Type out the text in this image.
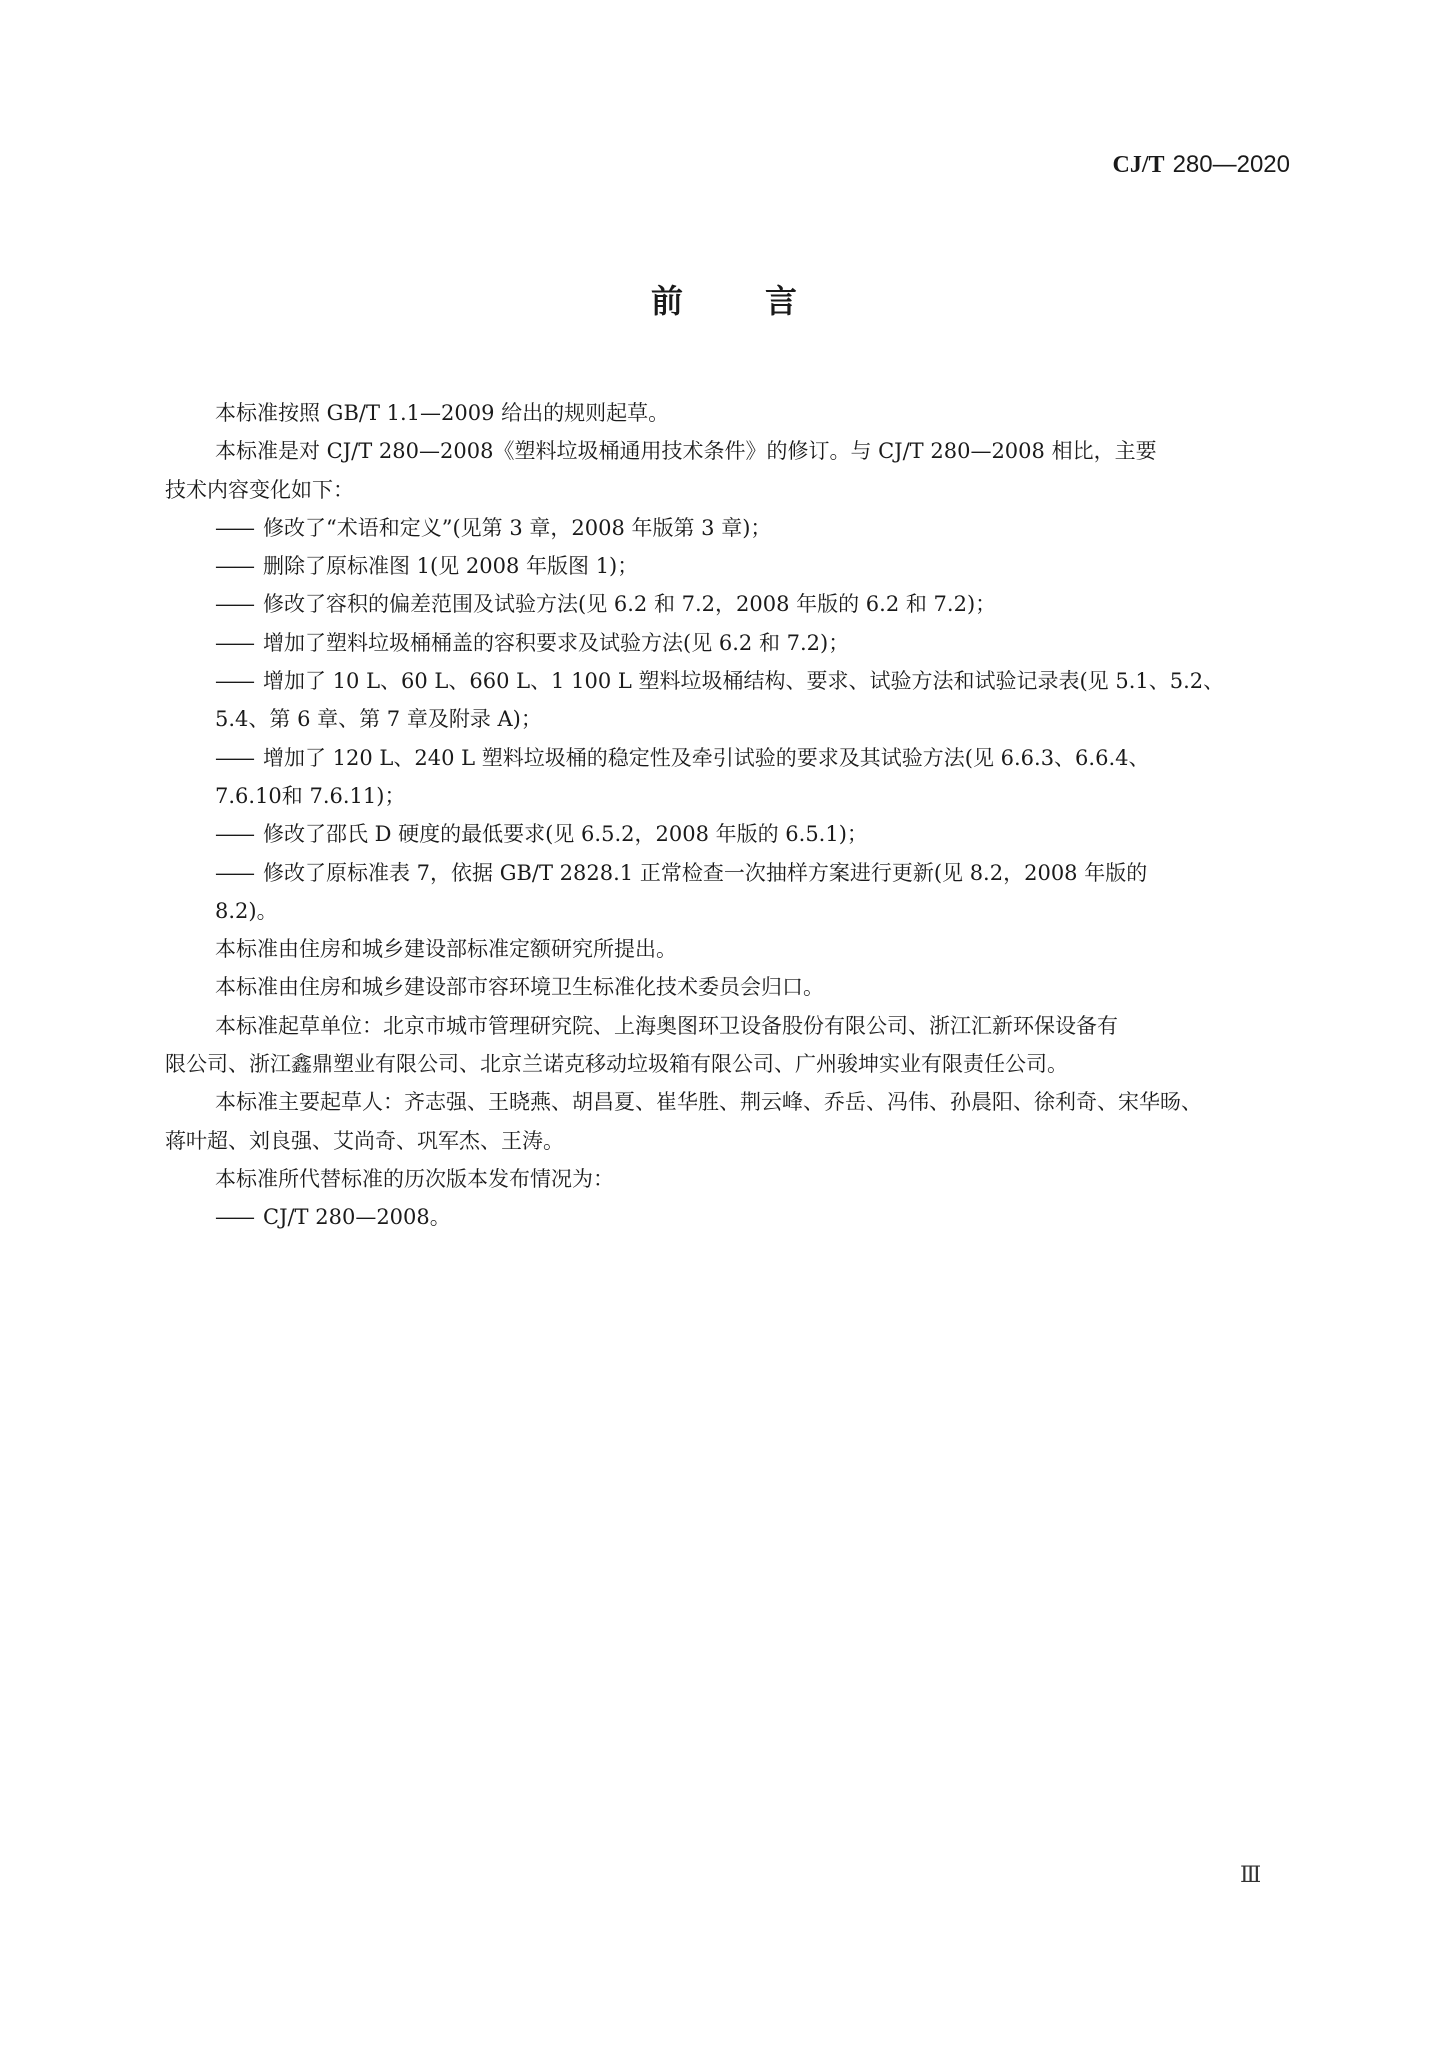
CJ/T 280—2020
前	言

本标准按照 GB/T 1.1—2009 给出的规则起草。

本标准是对 CJ/T 280—2008《塑料垃圾桶通用技术条件》的修订。与 CJ/T 280—2008 相比，主要

技术内容变化如下：

—— 修改了“术语和定义”(见第 3 章，2008 年版第 3 章)；
—— 删除了原标准图 1(见 2008 年版图 1)；
—— 修改了容积的偏差范围及试验方法(见 6.2 和 7.2，2008 年版的 6.2 和 7.2)；
—— 增加了塑料垃圾桶桶盖的容积要求及试验方法(见 6.2 和 7.2)；
—— 增加了 10 L、60 L、660 L、1 100 L 塑料垃圾桶结构、要求、试验方法和试验记录表(见 5.1、5.2、
5.4、第 6 章、第 7 章及附录 A)；
—— 增加了 120 L、240 L 塑料垃圾桶的稳定性及牵引试验的要求及其试验方法(见 6.6.3、6.6.4、
7.6.10和 7.6.11)；
—— 修改了邵氏 D 硬度的最低要求(见 6.5.2，2008 年版的 6.5.1)；
—— 修改了原标准表 7，依据 GB/T 2828.1 正常检查一次抽样方案进行更新(见 8.2，2008 年版的
8.2)。

本标准由住房和城乡建设部标准定额研究所提出。

本标准由住房和城乡建设部市容环境卫生标准化技术委员会归口。

本标准起草单位：北京市城市管理研究院、上海奥图环卫设备股份有限公司、浙江汇新环保设备有

限公司、浙江鑫鼎塑业有限公司、北京兰诺克移动垃圾箱有限公司、广州骏坤实业有限责任公司。

本标准主要起草人：齐志强、王晓燕、胡昌夏、崔华胜、荆云峰、乔岳、冯伟、孙晨阳、徐利奇、宋华旸、

蒋叶超、刘良强、艾尚奇、巩军杰、王涛。

本标准所代替标准的历次版本发布情况为：

—— CJ/T 280—2008。
Ⅲ
